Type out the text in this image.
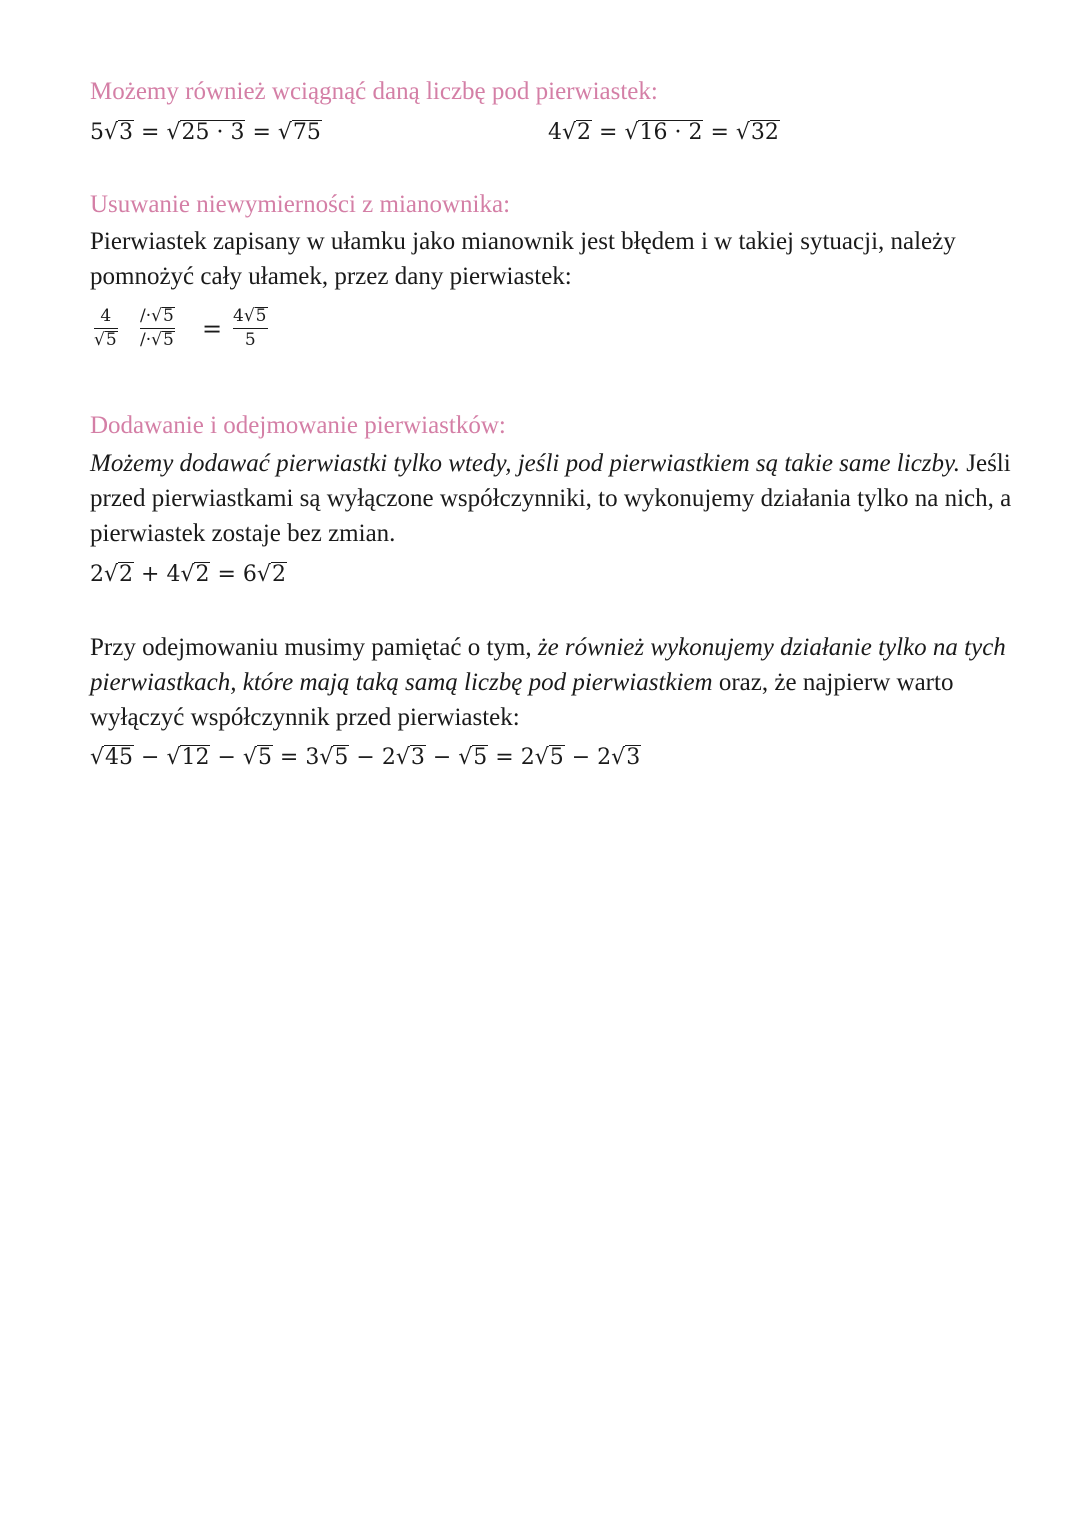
Możemy również wciągnąć daną liczbę pod pierwiastek:
5√3 = √25 · 3 = √75	4√2 = √16 · 2 = √32
Usuwanie niewymierności z mianownika:
Pierwiastek zapisany w ułamku jako mianownik jest błędem i w takiej sytuacji, należy pomnożyć cały ułamek, przez dany pierwiastek:
$\frac{4}{√5} \frac{/\cdot√5}{/\cdot√5} = \frac{4√5}{5}$
Dodawanie i odejmowanie pierwiastków:
Możemy dodawać pierwiastki tylko wtedy, jeśli pod pierwiastkiem są takie same liczby. Jeśli przed pierwiastkami są wyłączone współczynniki, to wykonujemy działania tylko na nich, a pierwiastek zostaje bez zmian.
2√2 + 4√2 = 6√2
Przy odejmowaniu musimy pamiętać o tym, że również wykonujemy działanie tylko na tych pierwiastkach, które mają taką samą liczbę pod pierwiastkiem oraz, że najpierw warto wyłączyć współczynnik przed pierwiastek:
√45 − √12 − √5 = 3√5 − 2√3 − √5 = 2√5 − 2√3
